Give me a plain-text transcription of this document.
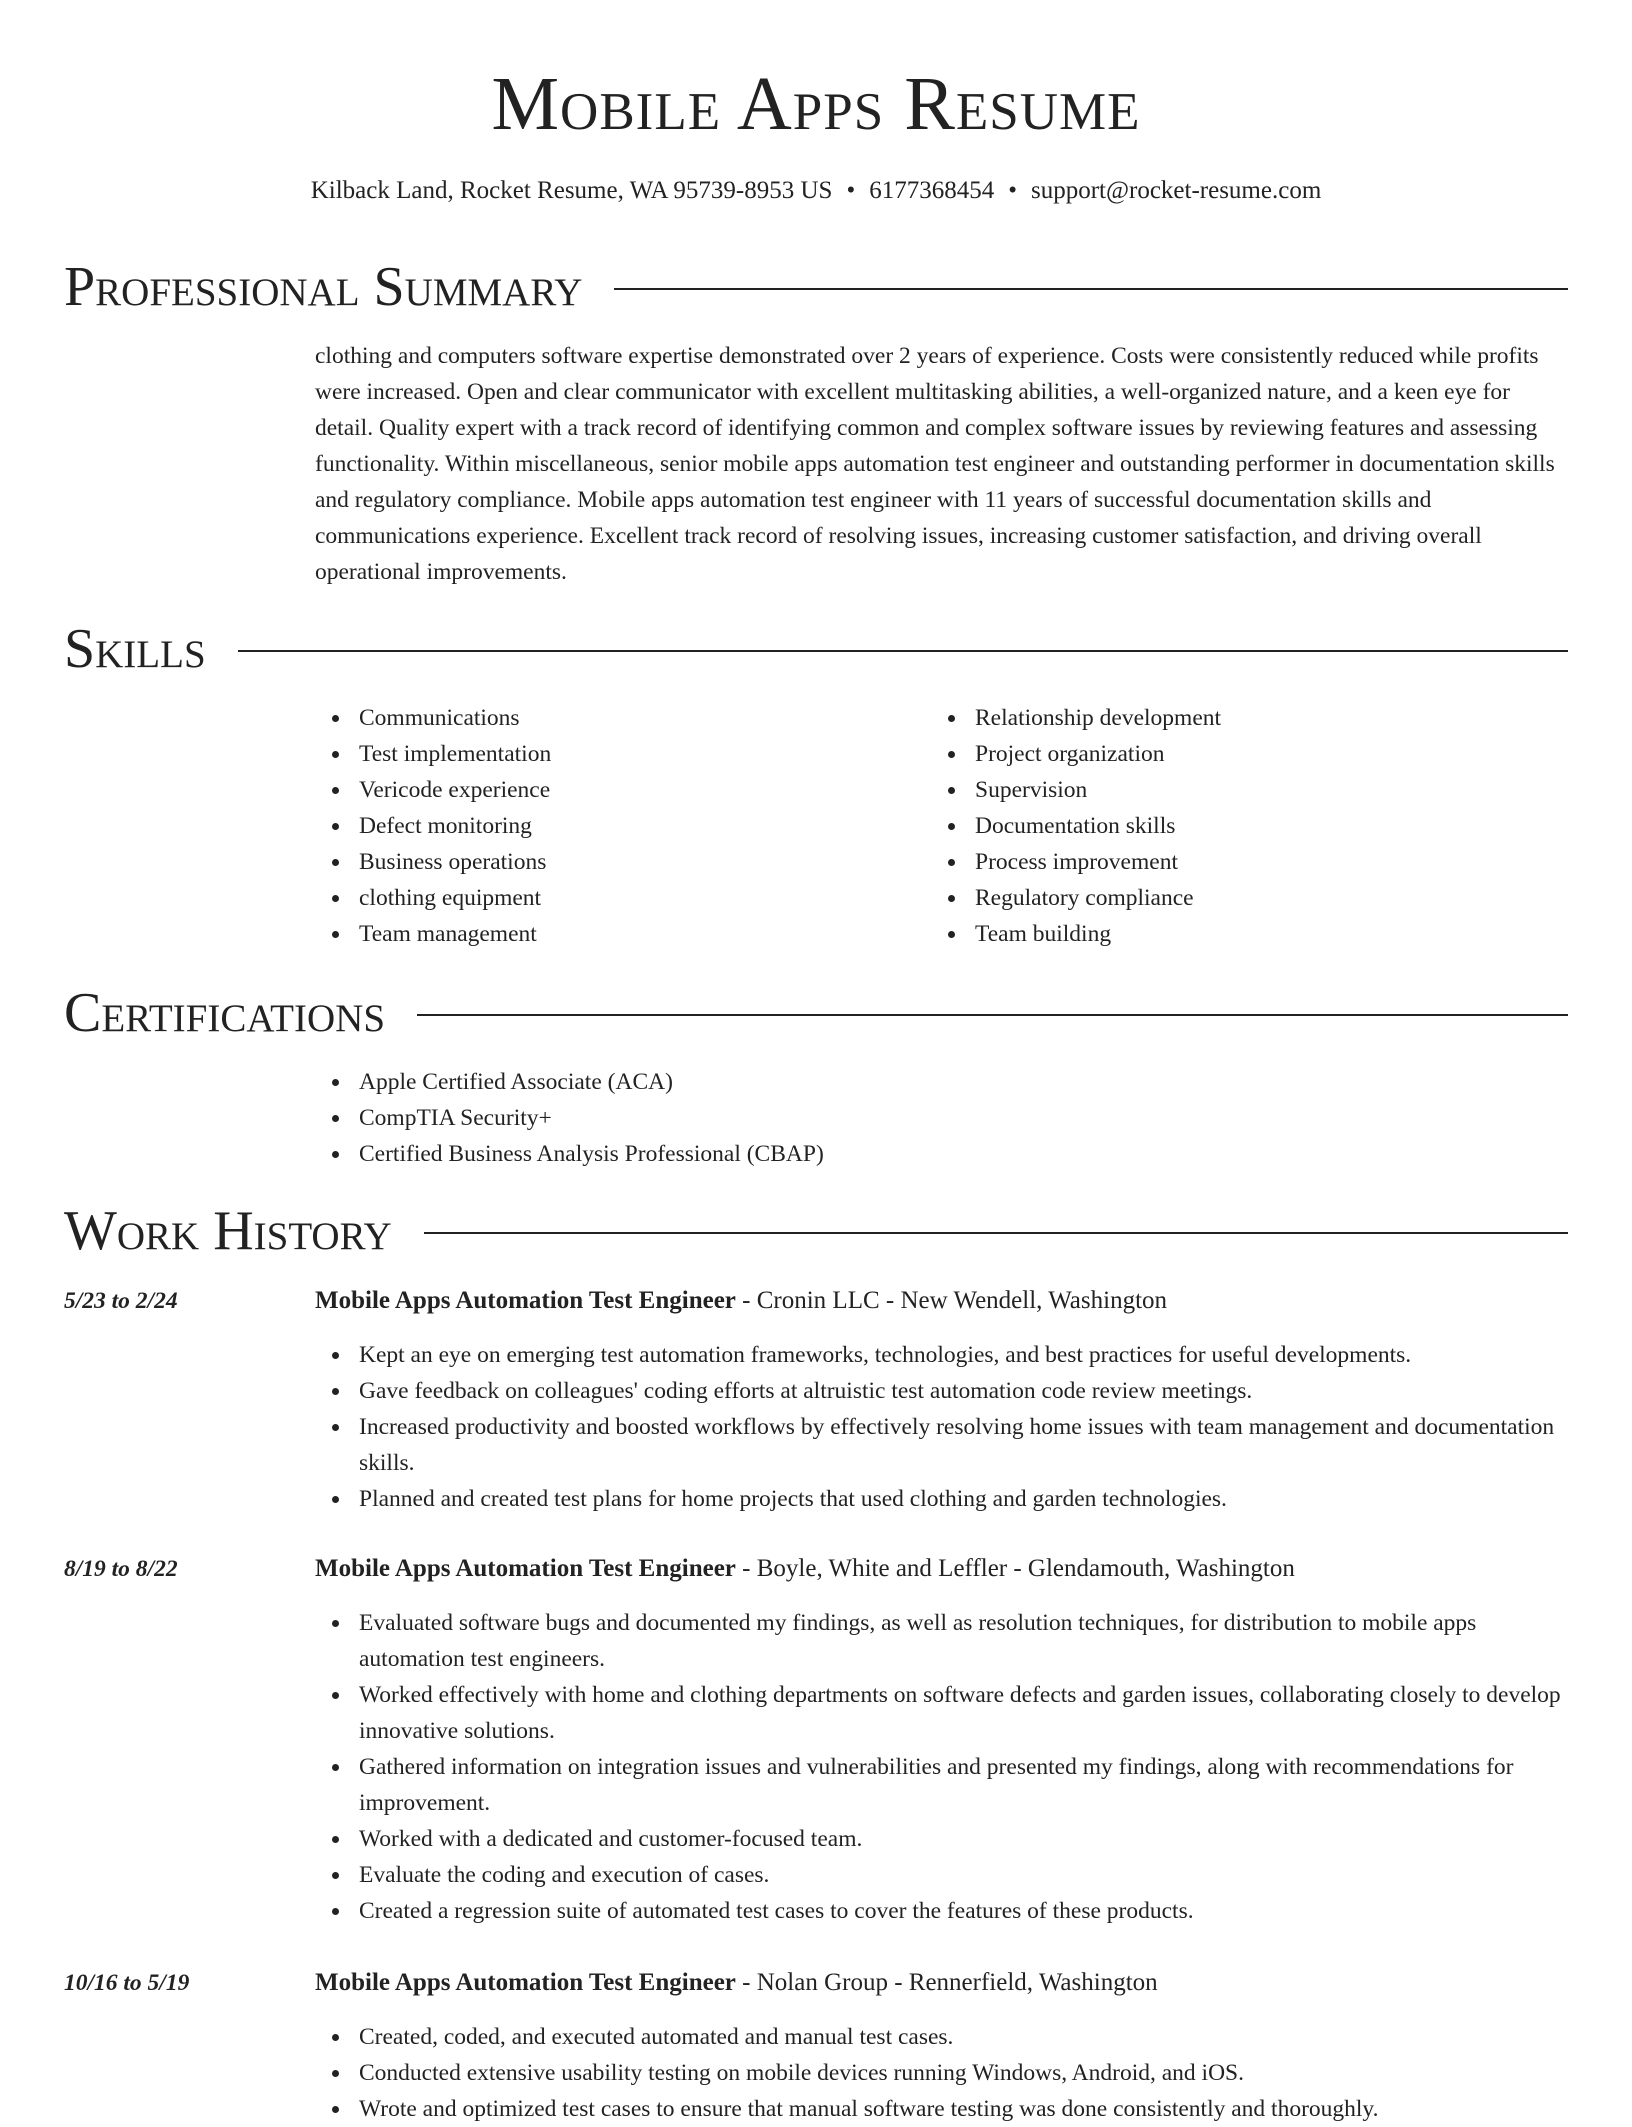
Mobile Apps Resume
Kilback Land, Rocket Resume, WA 95739-8953 US • 6177368454 • support@rocket-resume.com
Professional Summary
clothing and computers software expertise demonstrated over 2 years of experience. Costs were consistently reduced while profits were increased. Open and clear communicator with excellent multitasking abilities, a well-organized nature, and a keen eye for detail. Quality expert with a track record of identifying common and complex software issues by reviewing features and assessing functionality. Within miscellaneous, senior mobile apps automation test engineer and outstanding performer in documentation skills and regulatory compliance. Mobile apps automation test engineer with 11 years of successful documentation skills and communications experience. Excellent track record of resolving issues, increasing customer satisfaction, and driving overall operational improvements.
Skills
Communications
Test implementation
Vericode experience
Defect monitoring
Business operations
clothing equipment
Team management
Relationship development
Project organization
Supervision
Documentation skills
Process improvement
Regulatory compliance
Team building
Certifications
Apple Certified Associate (ACA)
CompTIA Security+
Certified Business Analysis Professional (CBAP)
Work History
5/23 to 2/24	Mobile Apps Automation Test Engineer - Cronin LLC - New Wendell, Washington
Kept an eye on emerging test automation frameworks, technologies, and best practices for useful developments.
Gave feedback on colleagues' coding efforts at altruistic test automation code review meetings.
Increased productivity and boosted workflows by effectively resolving home issues with team management and documentation skills.
Planned and created test plans for home projects that used clothing and garden technologies.
8/19 to 8/22	Mobile Apps Automation Test Engineer - Boyle, White and Leffler - Glendamouth, Washington
Evaluated software bugs and documented my findings, as well as resolution techniques, for distribution to mobile apps automation test engineers.
Worked effectively with home and clothing departments on software defects and garden issues, collaborating closely to develop innovative solutions.
Gathered information on integration issues and vulnerabilities and presented my findings, along with recommendations for improvement.
Worked with a dedicated and customer-focused team.
Evaluate the coding and execution of cases.
Created a regression suite of automated test cases to cover the features of these products.
10/16 to 5/19	Mobile Apps Automation Test Engineer - Nolan Group - Rennerfield, Washington
Created, coded, and executed automated and manual test cases.
Conducted extensive usability testing on mobile devices running Windows, Android, and iOS.
Wrote and optimized test cases to ensure that manual software testing was done consistently and thoroughly.
